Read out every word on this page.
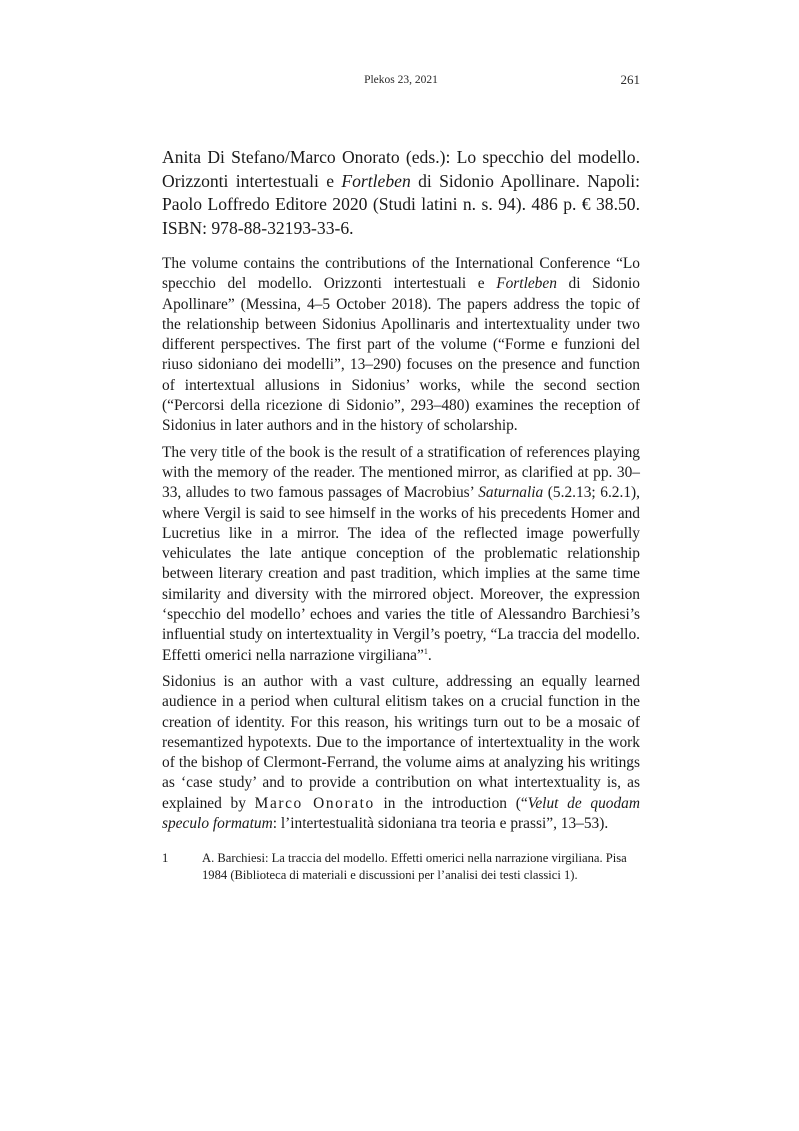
Plekos 23, 2021	261
Anita Di Stefano/Marco Onorato (eds.): Lo specchio del modello. Orizzonti intertestuali e Fortleben di Sidonio Apollinare. Napoli: Paolo Loffredo Editore 2020 (Studi latini n. s. 94). 486 p. € 38.50. ISBN: 978-88-32193-33-6.

The volume contains the contributions of the International Conference “Lo specchio del modello. Orizzonti intertestuali e Fortleben di Sidonio Apollinare” (Messina, 4–5 October 2018). The papers address the topic of the relationship between Sidonius Apollinaris and intertextuality under two different perspectives. The first part of the volume (“Forme e funzioni del riuso sidoniano dei modelli”, 13–290) focuses on the presence and function of intertextual allusions in Sidonius’ works, while the second section (“Percorsi della ricezione di Sidonio”, 293–480) examines the reception of Sidonius in later authors and in the history of scholarship.

The very title of the book is the result of a stratification of references playing with the memory of the reader. The mentioned mirror, as clarified at pp. 30–33, alludes to two famous passages of Macrobius’ Saturnalia (5.2.13; 6.2.1), where Vergil is said to see himself in the works of his precedents Homer and Lucretius like in a mirror. The idea of the reflected image powerfully vehiculates the late antique conception of the problematic relationship between literary creation and past tradition, which implies at the same time similarity and diversity with the mirrored object. Moreover, the expression ‘specchio del modello’ echoes and varies the title of Alessandro Barchiesi’s influential study on intertextuality in Vergil’s poetry, “La traccia del modello. Effetti omerici nella narrazione virgiliana”$^1$.

Sidonius is an author with a vast culture, addressing an equally learned audience in a period when cultural elitism takes on a crucial function in the creation of identity. For this reason, his writings turn out to be a mosaic of resemantized hypotexts. Due to the importance of intertextuality in the work of the bishop of Clermont-Ferrand, the volume aims at analyzing his writings as ‘case study’ and to provide a contribution on what intertextuality is, as explained by Marco Onorato in the introduction (“Velut de quodam speculo formatum: l’intertestualità sidoniana tra teoria e prassi”, 13–53).

1	A. Barchiesi: La traccia del modello. Effetti omerici nella narrazione virgiliana. Pisa 1984 (Biblioteca di materiali e discussioni per l’analisi dei testi classici 1).
